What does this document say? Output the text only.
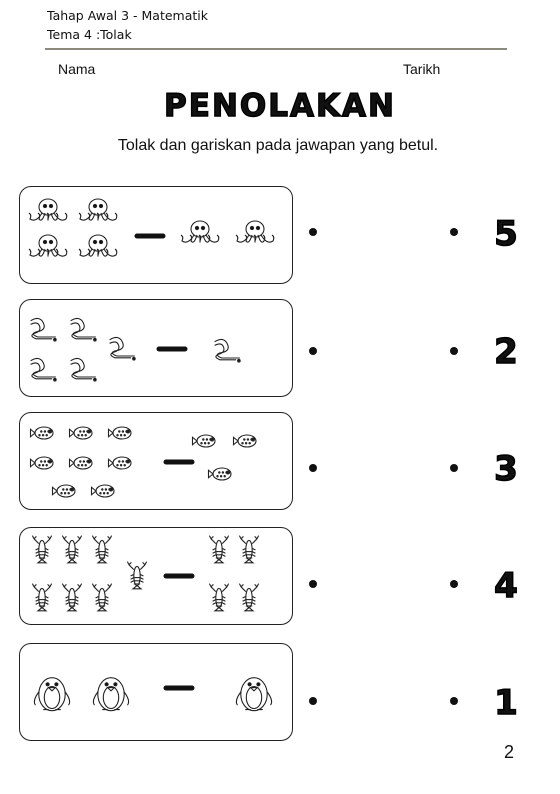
Tahap Awal 3 - Matematik
Tema 4 :Tolak
Nama	Tarikh
PENOLAKAN
Tolak dan gariskan pada jawapan yang betul.
5
2
3
4
1
2
